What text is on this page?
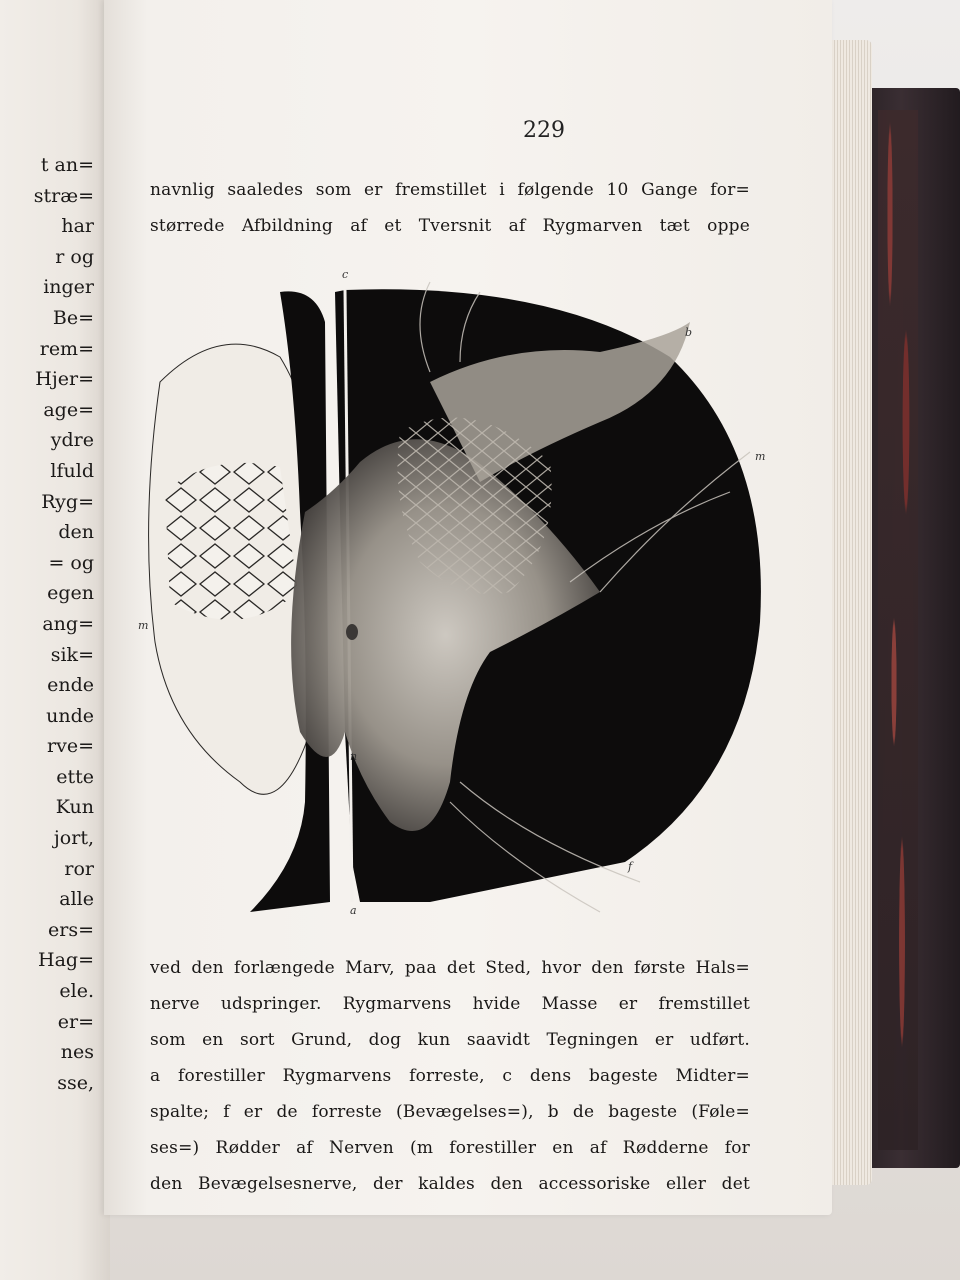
t an=
stræ=
har
r og
inger
Be=
rem=
Hjer=
age=
ydre
lfuld
Ryg=
den
= og
egen
ang=
sik=
ende
unde
rve=
ette
Kun
jort,
ror
alle
ers=
Hag=
ele.
er=
nes
sse,
229
navnlig saaledes som er fremstillet i følgende 10 Gange for=
størrede Afbildning af et Tversnit af Rygmarven tæt oppe
c
b
m
m
n
f
a
ved den forlængede Marv, paa det Sted, hvor den første Hals=
nerve udspringer. Rygmarvens hvide Masse er fremstillet
som en sort Grund, dog kun saavidt Tegningen er udført.
a forestiller Rygmarvens forreste, c dens bageste Midter=
spalte; f er de forreste (Bevægelses=), b de bageste (Føle=
ses=) Rødder af Nerven (m forestiller en af Rødderne for
den Bevægelsesnerve, der kaldes den accessoriske eller det
